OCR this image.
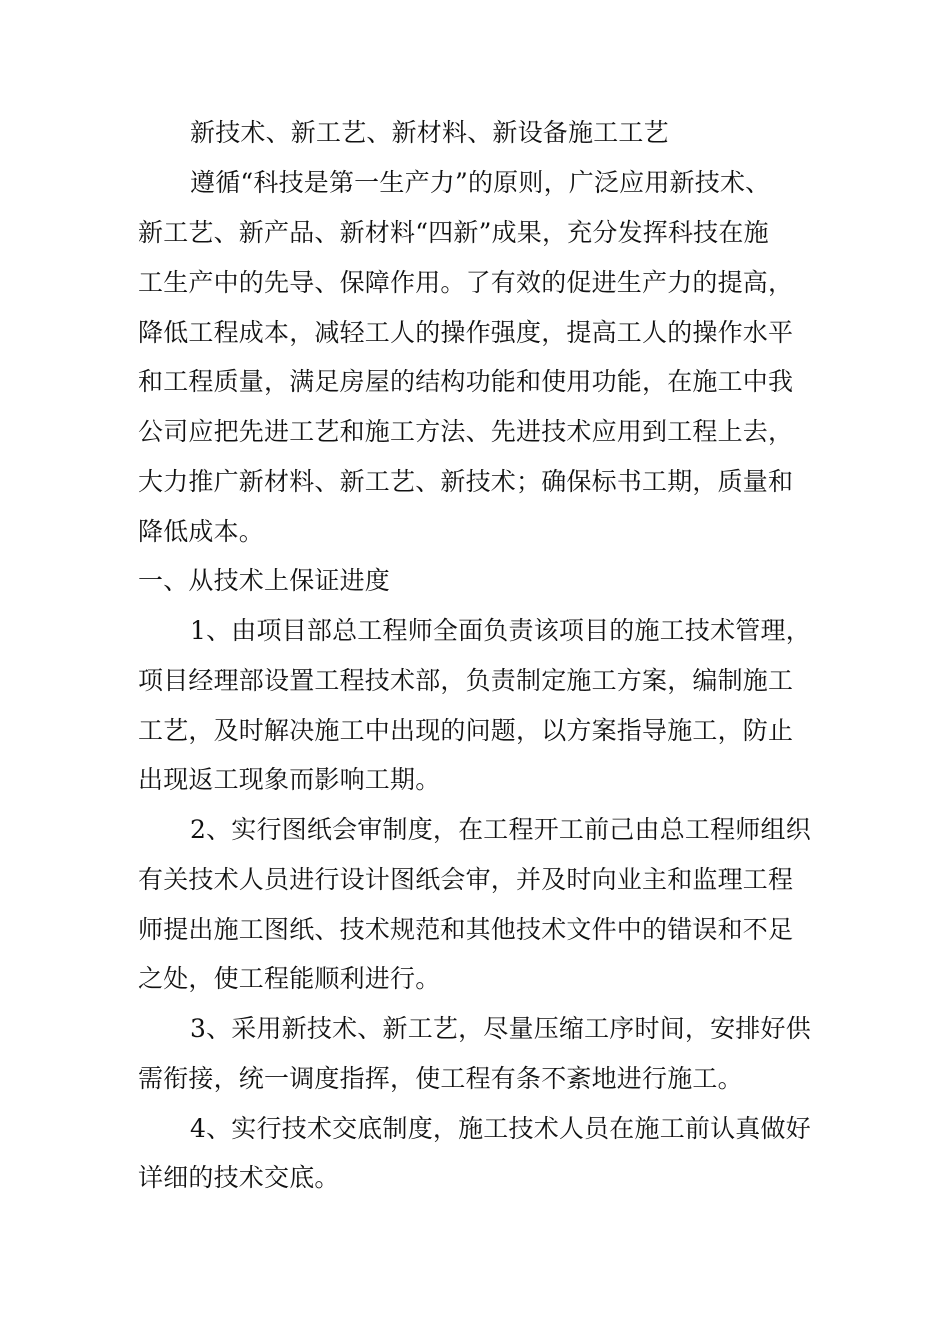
新技术、新工艺、新材料、新设备施工工艺
遵循“科技是第一生产力”的原则，广泛应用新技术、
新工艺、新产品、新材料“四新”成果，充分发挥科技在施
工生产中的先导、保障作用。了有效的促进生产力的提高，
降低工程成本，减轻工人的操作强度，提高工人的操作水平
和工程质量，满足房屋的结构功能和使用功能，在施工中我
公司应把先进工艺和施工方法、先进技术应用到工程上去，
大力推广新材料、新工艺、新技术；确保标书工期，质量和
降低成本。
一、从技术上保证进度
1、由项目部总工程师全面负责该项目的施工技术管理，
项目经理部设置工程技术部，负责制定施工方案，编制施工
工艺，及时解决施工中出现的问题，以方案指导施工，防止
出现返工现象而影响工期。
2、实行图纸会审制度，在工程开工前己由总工程师组织
有关技术人员进行设计图纸会审，并及时向业主和监理工程
师提出施工图纸、技术规范和其他技术文件中的错误和不足
之处，使工程能顺利进行。
3、采用新技术、新工艺，尽量压缩工序时间，安排好供
需衔接，统一调度指挥，使工程有条不紊地进行施工。
4、实行技术交底制度，施工技术人员在施工前认真做好
详细的技术交底。
